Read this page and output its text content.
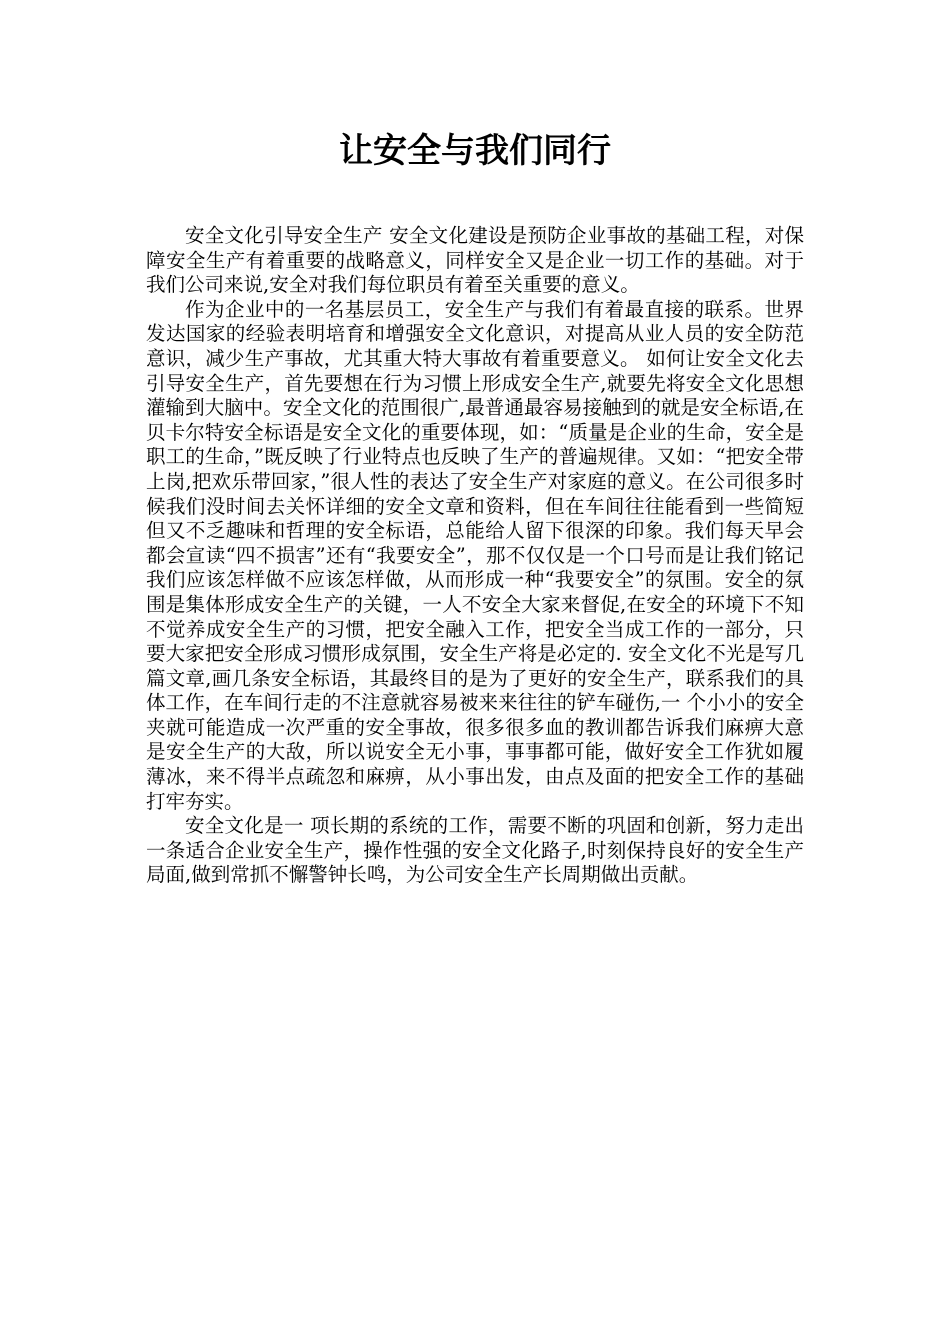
让安全与我们同行

安全文化引导安全生产 安全文化建设是预防企业事故的基础工程，对保障安全生产有着重要的战略意义，同样安全又是企业一切工作的基础。对于我们公司来说,安全对我们每位职员有着至关重要的意义。

作为企业中的一名基层员工，安全生产与我们有着最直接的联系。世界发达国家的经验表明培育和增强安全文化意识，对提高从业人员的安全防范意识，减少生产事故，尤其重大特大事故有着重要意义。 如何让安全文化去引导安全生产，首先要想在行为习惯上形成安全生产,就要先将安全文化思想灌输到大脑中。安全文化的范围很广,最普通最容易接触到的就是安全标语,在贝卡尔特安全标语是安全文化的重要体现，如：“质量是企业的生命，安全是职工的生命，”既反映了行业特点也反映了生产的普遍规律。又如：“把安全带上岗,把欢乐带回家，”很人性的表达了安全生产对家庭的意义。在公司很多时候我们没时间去关怀详细的安全文章和资料，但在车间往往能看到一些简短但又不乏趣味和哲理的安全标语，总能给人留下很深的印象。我们每天早会都会宣读“四不损害”还有“我要安全”，那不仅仅是一个口号而是让我们铭记我们应该怎样做不应该怎样做，从而形成一种“我要安全”的氛围。安全的氛围是集体形成安全生产的关键，一人不安全大家来督促,在安全的环境下不知不觉养成安全生产的习惯，把安全融入工作，把安全当成工作的一部分，只要大家把安全形成习惯形成氛围，安全生产将是必定的. 安全文化不光是写几篇文章,画几条安全标语，其最终目的是为了更好的安全生产，联系我们的具体工作，在车间行走的不注意就容易被来来往往的铲车碰伤,一 个小小的安全夹就可能造成一次严重的安全事故，很多很多血的教训都告诉我们麻痹大意是安全生产的大敌，所以说安全无小事，事事都可能，做好安全工作犹如履薄冰，来不得半点疏忽和麻痹，从小事出发，由点及面的把安全工作的基础打牢夯实。

安全文化是一 项长期的系统的工作，需要不断的巩固和创新，努力走出一条适合企业安全生产，操作性强的安全文化路子,时刻保持良好的安全生产局面,做到常抓不懈警钟长鸣，为公司安全生产长周期做出贡献。
